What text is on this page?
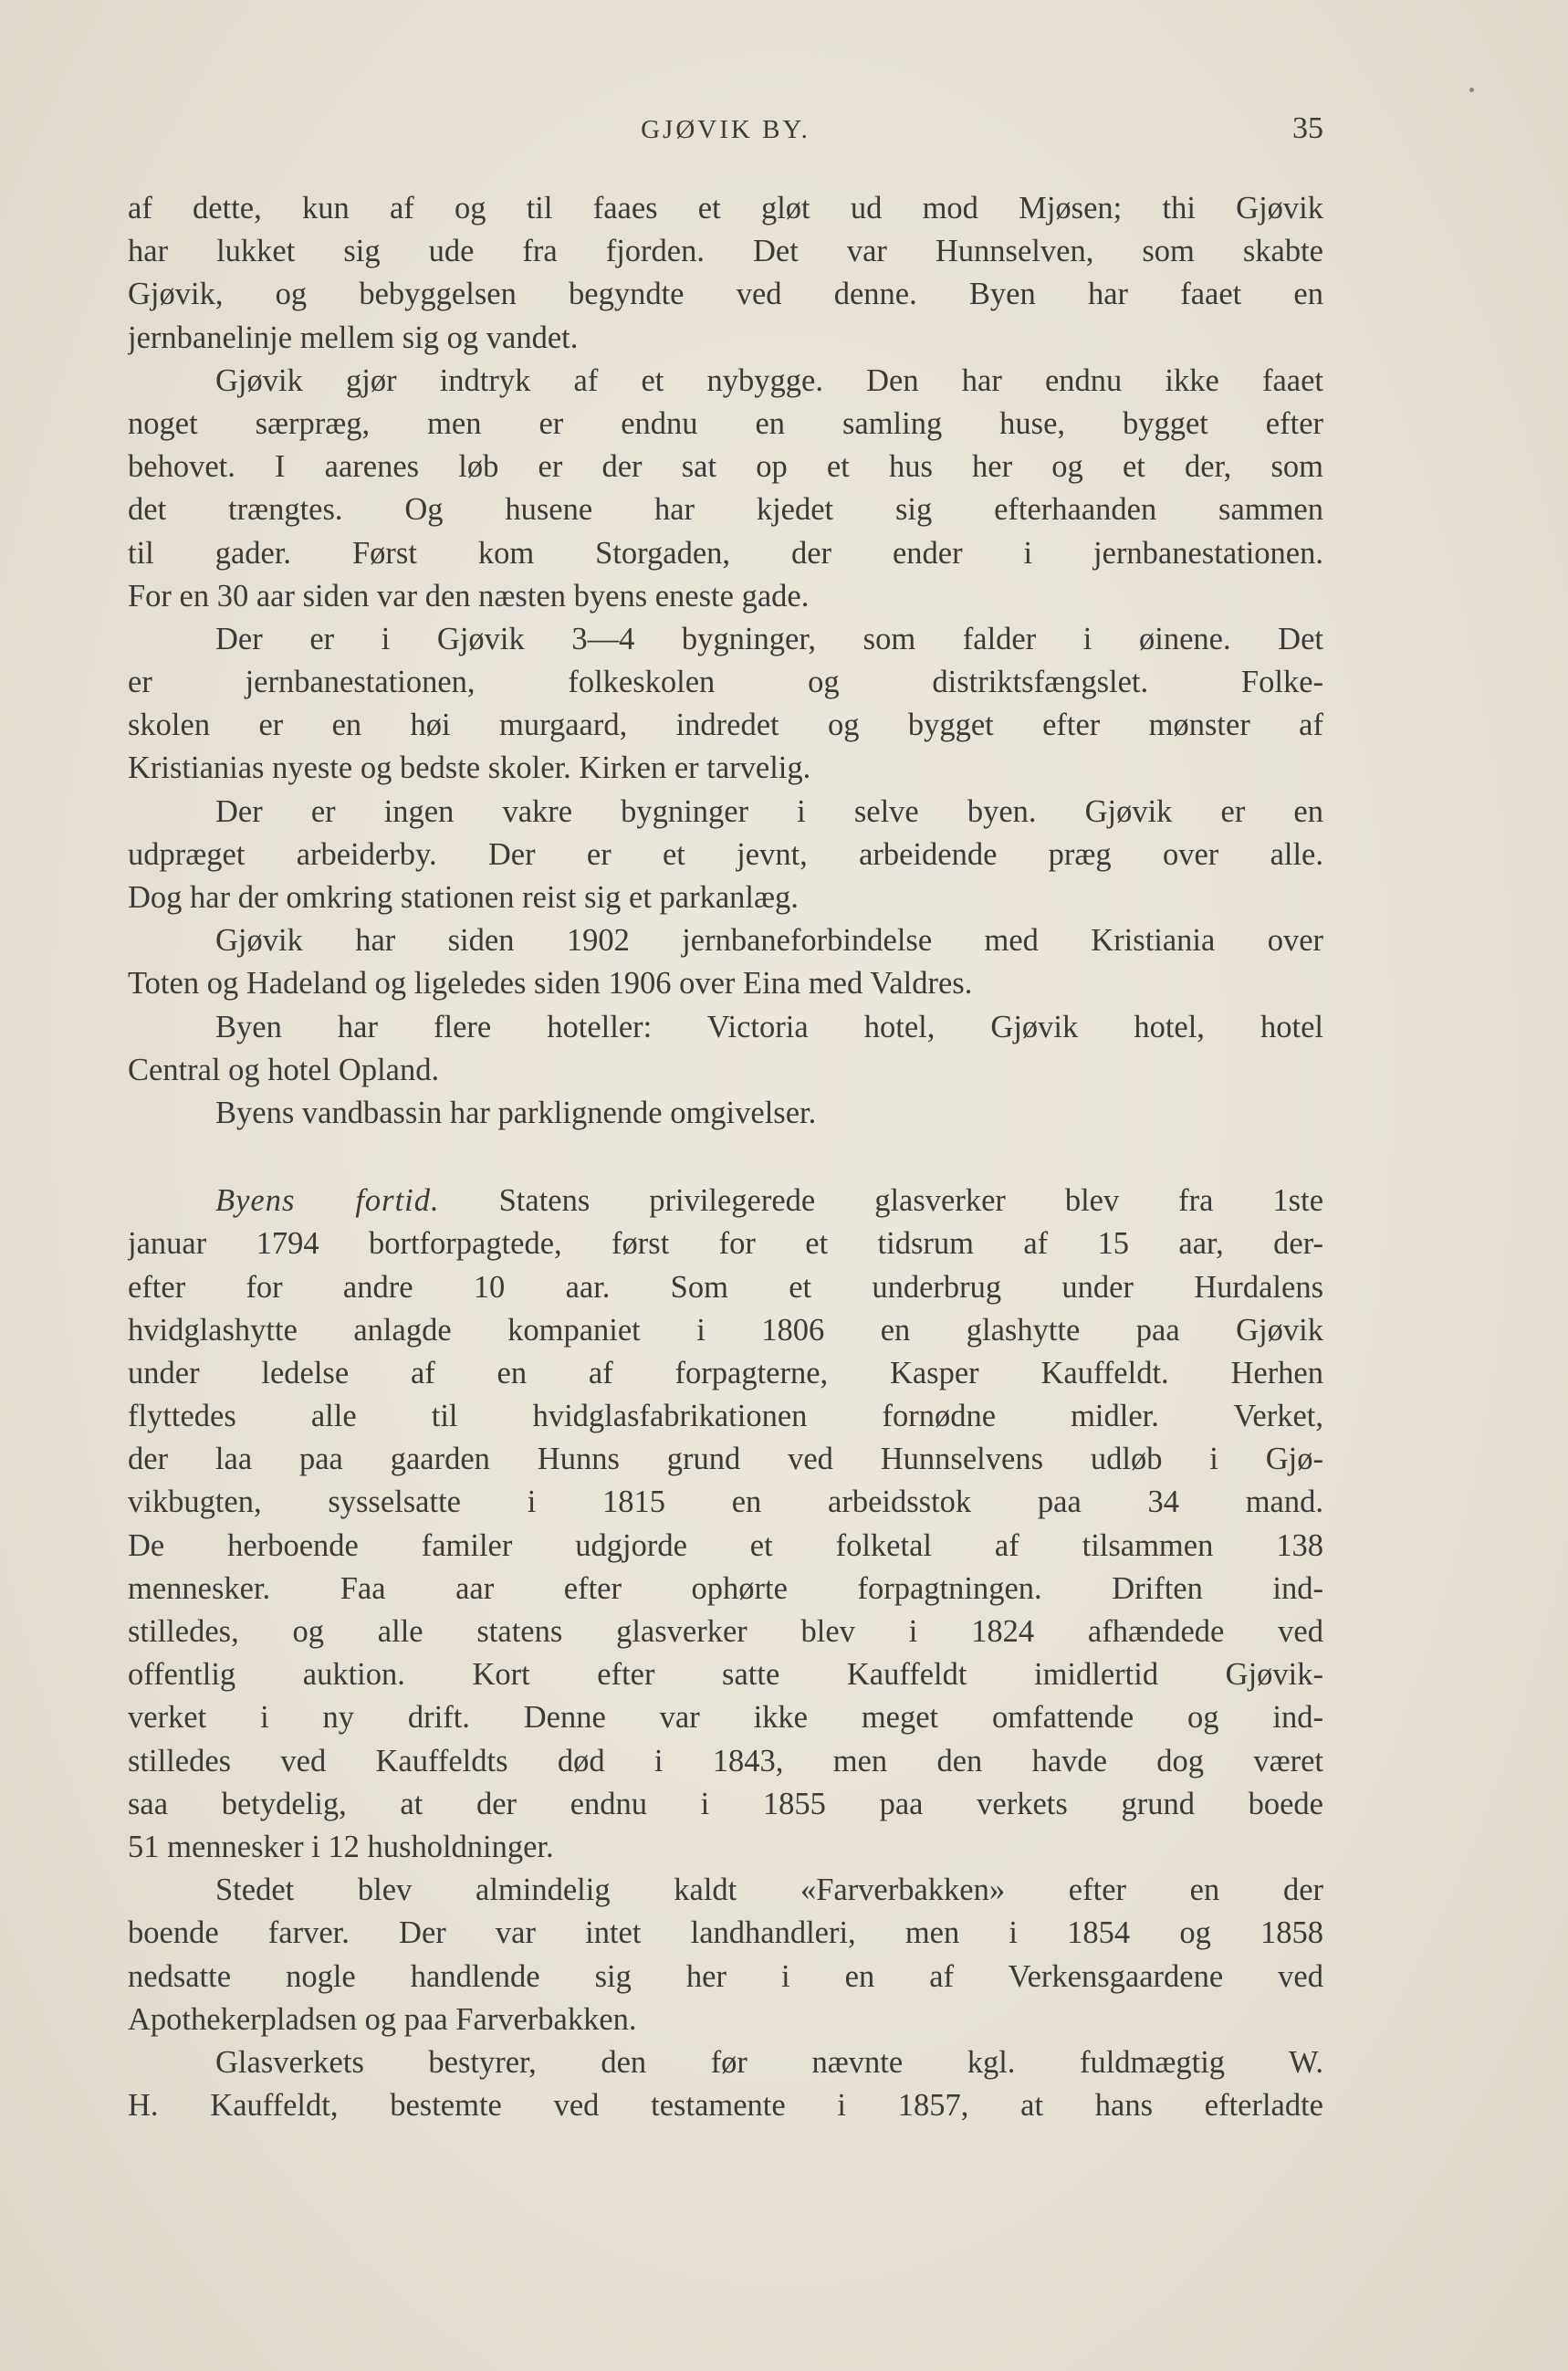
GJØVIK BY.	35
af dette, kun af og til faaes et gløt ud mod Mjøsen; thi Gjøvik
har lukket sig ude fra fjorden. Det var Hunnselven, som skabte
Gjøvik, og bebyggelsen begyndte ved denne. Byen har faaet en
jernbanelinje mellem sig og vandet.
Gjøvik gjør indtryk af et nybygge. Den har endnu ikke faaet
noget særpræg, men er endnu en samling huse, bygget efter
behovet. I aarenes løb er der sat op et hus her og et der, som
det trængtes. Og husene har kjedet sig efterhaanden sammen
til gader. Først kom Storgaden, der ender i jernbanestationen.
For en 30 aar siden var den næsten byens eneste gade.
Der er i Gjøvik 3—4 bygninger, som falder i øinene. Det
er jernbanestationen, folkeskolen og distriktsfængslet. Folke-
skolen er en høi murgaard, indredet og bygget efter mønster af
Kristianias nyeste og bedste skoler. Kirken er tarvelig.
Der er ingen vakre bygninger i selve byen. Gjøvik er en
udpræget arbeiderby. Der er et jevnt, arbeidende præg over alle.
Dog har der omkring stationen reist sig et parkanlæg.
Gjøvik har siden 1902 jernbaneforbindelse med Kristiania over
Toten og Hadeland og ligeledes siden 1906 over Eina med Valdres.
Byen har flere hoteller: Victoria hotel, Gjøvik hotel, hotel
Central og hotel Opland.
Byens vandbassin har parklignende omgivelser.
Byens fortid. Statens privilegerede glasverker blev fra 1ste
januar 1794 bortforpagtede, først for et tidsrum af 15 aar, der-
efter for andre 10 aar. Som et underbrug under Hurdalens
hvidglashytte anlagde kompaniet i 1806 en glashytte paa Gjøvik
under ledelse af en af forpagterne, Kasper Kauffeldt. Herhen
flyttedes alle til hvidglasfabrikationen fornødne midler. Verket,
der laa paa gaarden Hunns grund ved Hunnselvens udløb i Gjø-
vikbugten, sysselsatte i 1815 en arbeidsstok paa 34 mand.
De herboende familer udgjorde et folketal af tilsammen 138
mennesker. Faa aar efter ophørte forpagtningen. Driften ind-
stilledes, og alle statens glasverker blev i 1824 afhændede ved
offentlig auktion. Kort efter satte Kauffeldt imidlertid Gjøvik-
verket i ny drift. Denne var ikke meget omfattende og ind-
stilledes ved Kauffeldts død i 1843, men den havde dog været
saa betydelig, at der endnu i 1855 paa verkets grund boede
51 mennesker i 12 husholdninger.
Stedet blev almindelig kaldt «Farverbakken» efter en der
boende farver. Der var intet landhandleri, men i 1854 og 1858
nedsatte nogle handlende sig her i en af Verkensgaardene ved
Apothekerpladsen og paa Farverbakken.
Glasverkets bestyrer, den før nævnte kgl. fuldmægtig W.
H. Kauffeldt, bestemte ved testamente i 1857, at hans efterladte
